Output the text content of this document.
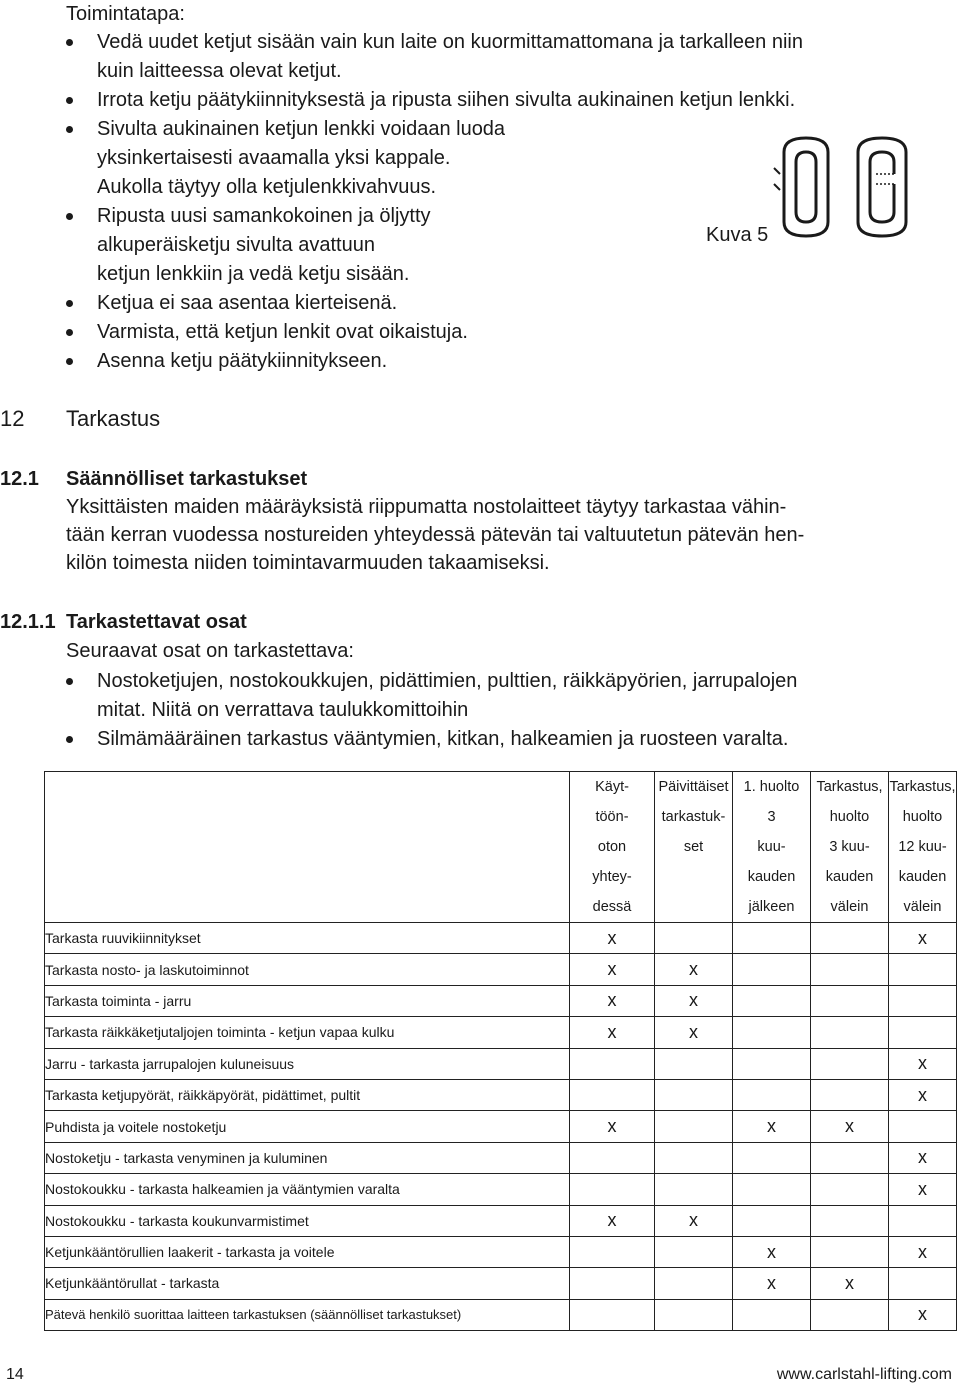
Toimintatapa:
Vedä uudet ketjut sisään vain kun laite on kuormittamattomana ja tarkalleen niin
kuin laitteessa olevat ketjut.
Irrota ketju päätykiinnityksestä ja ripusta siihen sivulta aukinainen ketjun lenkki.
Sivulta aukinainen ketjun lenkki voidaan luoda
yksinkertaisesti avaamalla yksi kappale.
Aukolla täytyy olla ketjulenkkivahvuus.
Ripusta uusi samankokoinen ja öljytty
alkuperäisketju sivulta avattuun
ketjun lenkkiin ja vedä ketju sisään.
Ketjua ei saa asentaa kierteisenä.
Varmista, että ketjun lenkit ovat oikaistuja.
Asenna ketju päätykiinnitykseen.
Kuva 5
12 Tarkastus
12.1 Säännölliset tarkastukset
Yksittäisten maiden määräyksistä riippumatta nostolaitteet täytyy tarkastaa vähin-
tään kerran vuodessa nostureiden yhteydessä pätevän tai valtuutetun pätevän hen-
kilön toimesta niiden toimintavarmuuden takaamiseksi.
12.1.1 Tarkastettavat osat
Seuraavat osat on tarkastettava:
Nostoketjujen, nostokoukkujen, pidättimien, pulttien, räikkäpyörien, jarrupalojen
mitat. Niitä on verrattava taulukkomittoihin
Silmämääräinen tarkastus vääntymien, kitkan, halkeamien ja ruosteen varalta.

	Käyt-
töön-
oton
yhtey-
dessä	Päivittäiset
tarkastuk-
set	1. huolto
3
kuu-
kauden
jälkeen	Tarkastus,
huolto
3 kuu-
kauden
välein	Tarkastus,
huolto
12 kuu-
kauden
välein

Tarkasta ruuvikiinnitykset	x				x
Tarkasta nosto- ja laskutoiminnot	x	x			
Tarkasta toiminta - jarru	x	x			
Tarkasta räikkäketjutaljojen toiminta - ketjun vapaa kulku	x	x			
Jarru - tarkasta jarrupalojen kuluneisuus					x
Tarkasta ketjupyörät, räikkäpyörät, pidättimet, pultit					x
Puhdista ja voitele nostoketju	x		x	x	
Nostoketju - tarkasta venyminen ja kuluminen					x
Nostokoukku - tarkasta halkeamien ja vääntymien varalta					x
Nostokoukku - tarkasta koukunvarmistimet	x	x			
Ketjunkääntörullien laakerit - tarkasta ja voitele			x		x
Ketjunkääntörullat - tarkasta			x	x	
Pätevä henkilö suorittaa laitteen tarkastuksen (säännölliset tarkastukset)					x
14	www.carlstahl-lifting.com
